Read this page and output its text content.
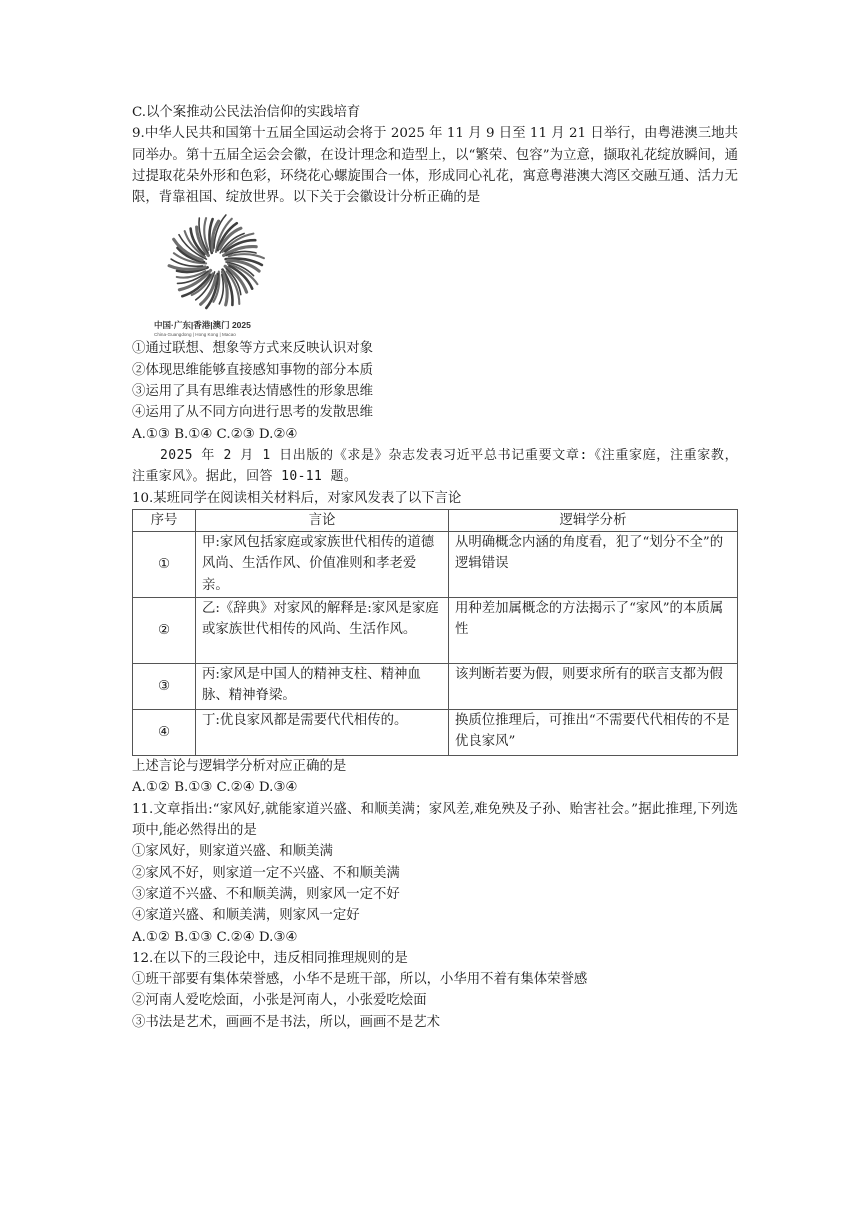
C.以个案推动公民法治信仰的实践培育
9.中华人民共和国第十五届全国运动会将于 2025 年 11 月 9 日至 11 月 21 日举行，由粤港澳三地共同举办。第十五届全运会会徽，在设计理念和造型上，以“繁荣、包容”为立意，撷取礼花绽放瞬间，通过提取花朵外形和色彩，环绕花心螺旋围合一体，形成同心礼花，寓意粤港澳大湾区交融互通、活力无限，背靠祖国、绽放世界。以下关于会徽设计分析正确的是
中国·广东|香港|澳门 2025
China·Guangdong | Hong Kong | Macao
①通过联想、想象等方式来反映认识对象
②体现思维能够直接感知事物的部分本质
③运用了具有思维表达情感性的形象思维
④运用了从不同方向进行思考的发散思维
A.①③ B.①④ C.②③ D.②④
2025 年 2 月 1 日出版的《求是》杂志发表习近平总书记重要文章:《注重家庭，注重家教，注重家风》。据此，回答 10-11 题。
10.某班同学在阅读相关材料后，对家风发表了以下言论
序号	言论	逻辑学分析
①	甲:家风包括家庭或家族世代相传的道德风尚、生活作风、价值准则和孝老爱亲。	从明确概念内涵的角度看，犯了“划分不全”的逻辑错误
②	乙:《辞典》对家风的解释是:家风是家庭或家族世代相传的风尚、生活作风。	用种差加属概念的方法揭示了“家风”的本质属性
③	丙:家风是中国人的精神支柱、精神血脉、精神脊梁。	该判断若要为假，则要求所有的联言支都为假
④	丁:优良家风都是需要代代相传的。	换质位推理后，可推出“不需要代代相传的不是优良家风”
上述言论与逻辑学分析对应正确的是
A.①② B.①③ C.②④ D.③④
11.文章指出:“家风好,就能家道兴盛、和顺美满；家风差,难免殃及子孙、贻害社会。”据此推理,下列选项中,能必然得出的是
①家风好，则家道兴盛、和顺美满
②家风不好，则家道一定不兴盛、不和顺美满
③家道不兴盛、不和顺美满，则家风一定不好
④家道兴盛、和顺美满，则家风一定好
A.①② B.①③ C.②④ D.③④
12.在以下的三段论中，违反相同推理规则的是
①班干部要有集体荣誉感，小华不是班干部，所以，小华用不着有集体荣誉感
②河南人爱吃烩面，小张是河南人，小张爱吃烩面
③书法是艺术，画画不是书法，所以，画画不是艺术
